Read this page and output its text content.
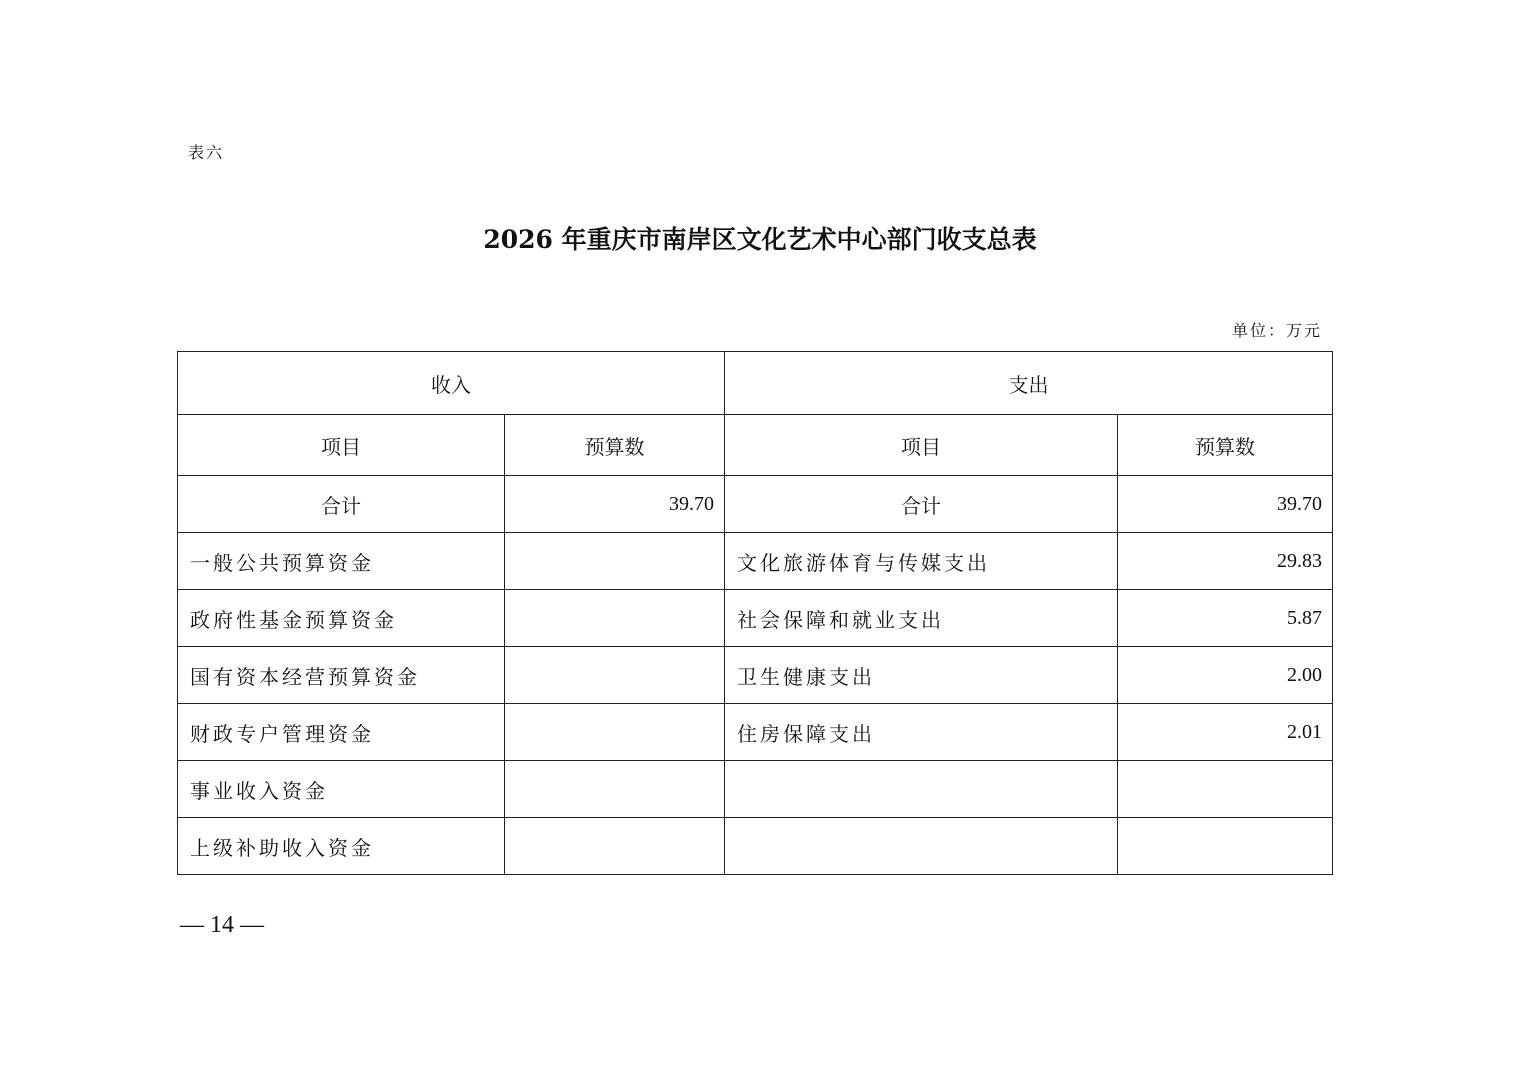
表六
2026 年重庆市南岸区文化艺术中心部门收支总表
单位：万元
收入		支出	
项目	预算数	项目	预算数
合计	39.70	合计	39.70
一般公共预算资金		文化旅游体育与传媒支出	29.83
政府性基金预算资金		社会保障和就业支出	5.87
国有资本经营预算资金		卫生健康支出	2.00
财政专户管理资金		住房保障支出	2.01
事业收入资金			
上级补助收入资金			
— 14 —
